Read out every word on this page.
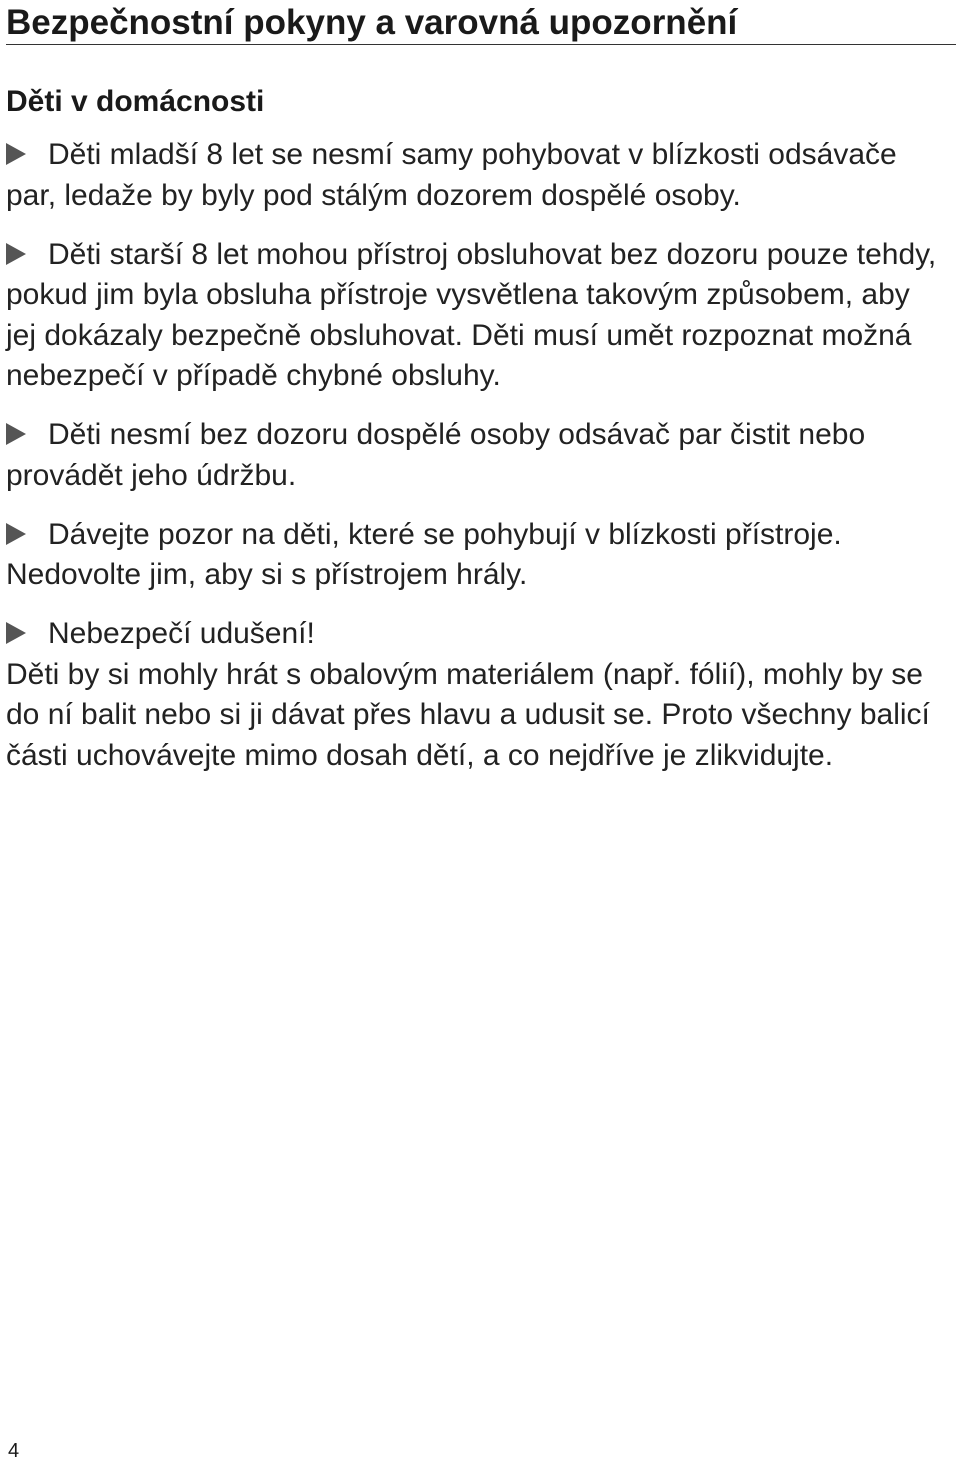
Bezpečnostní pokyny a varovná upozornění
Děti v domácnosti

Děti mladší 8 let se nesmí samy pohybovat v blízkosti odsávače par, ledaže by byly pod stálým dozorem dospělé osoby.

Děti starší 8 let mohou přístroj obsluhovat bez dozoru pouze tehdy, pokud jim byla obsluha přístroje vysvětlena takovým způsobem, aby jej dokázaly bezpečně obsluhovat. Děti musí umět rozpoznat možná nebezpečí v případě chybné obsluhy.

Děti nesmí bez dozoru dospělé osoby odsávač par čistit nebo provádět jeho údržbu.

Dávejte pozor na děti, které se pohybují v blízkosti přístroje. Nedovolte jim, aby si s přístrojem hrály.

Nebezpečí udušení!
Děti by si mohly hrát s obalovým materiálem (např. fólií), mohly by se do ní balit nebo si ji dávat přes hlavu a udusit se. Proto všechny balicí části uchovávejte mimo dosah dětí, a co nejdříve je zlikvidujte.

4
